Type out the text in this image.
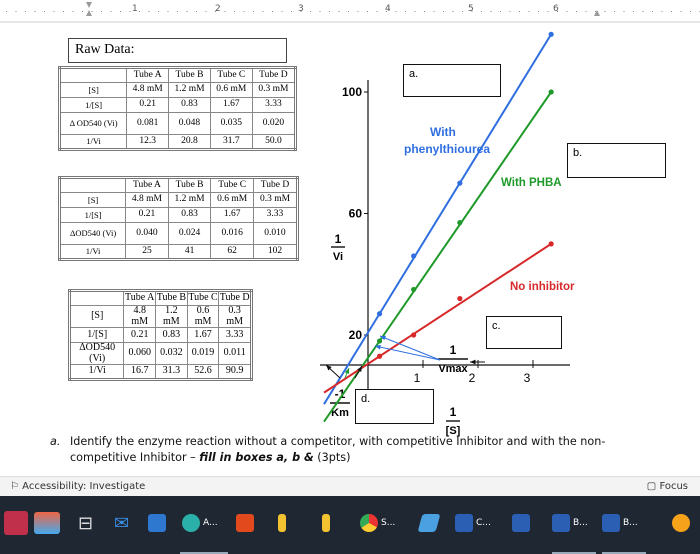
1	2	3	4	5	6
Raw Data:
	Tube A	Tube B	Tube C	Tube D
[S]	4.8 mM	1.2 mM	0.6 mM	0.3 mM
1/[S]	0.21	0.83	1.67	3.33
Δ OD540 (Vi)	0.081	0.048	0.035	0.020
1/Vi	12.3	20.8	31.7	50.0
	Tube A	Tube B	Tube C	Tube D
[S]	4.8 mM	1.2 mM	0.6 mM	0.3 mM
1/[S]	0.21	0.83	1.67	3.33
ΔOD540 (Vi)	0.040	0.024	0.016	0.010
1/Vi	25	41	62	102
	Tube A	Tube B	Tube C	Tube D
[S]	4.8 mM	1.2 mM	0.6 mM	0.3 mM
1/[S]	0.21	0.83	1.67	3.33
ΔOD540 (Vi)	0.060	0.032	0.019	0.011
1/Vi	16.7	31.3	52.6	90.9
100
60
20
1	2	3
1
Vi
1
[S]
-1
Km
1
Vmax
With phenylthiourea
With PHBA
No inhibitor
a.
b.
c.
d.
a. Identify the enzyme reaction without a competitor, with competitive Inhibitor and with the non-competitive Inhibitor – fill in boxes a, b & (3pts)
⚐ Accessibility: Investigate	▢ Focus
⊟ ✉	A...	S...	C...	B...	B...
